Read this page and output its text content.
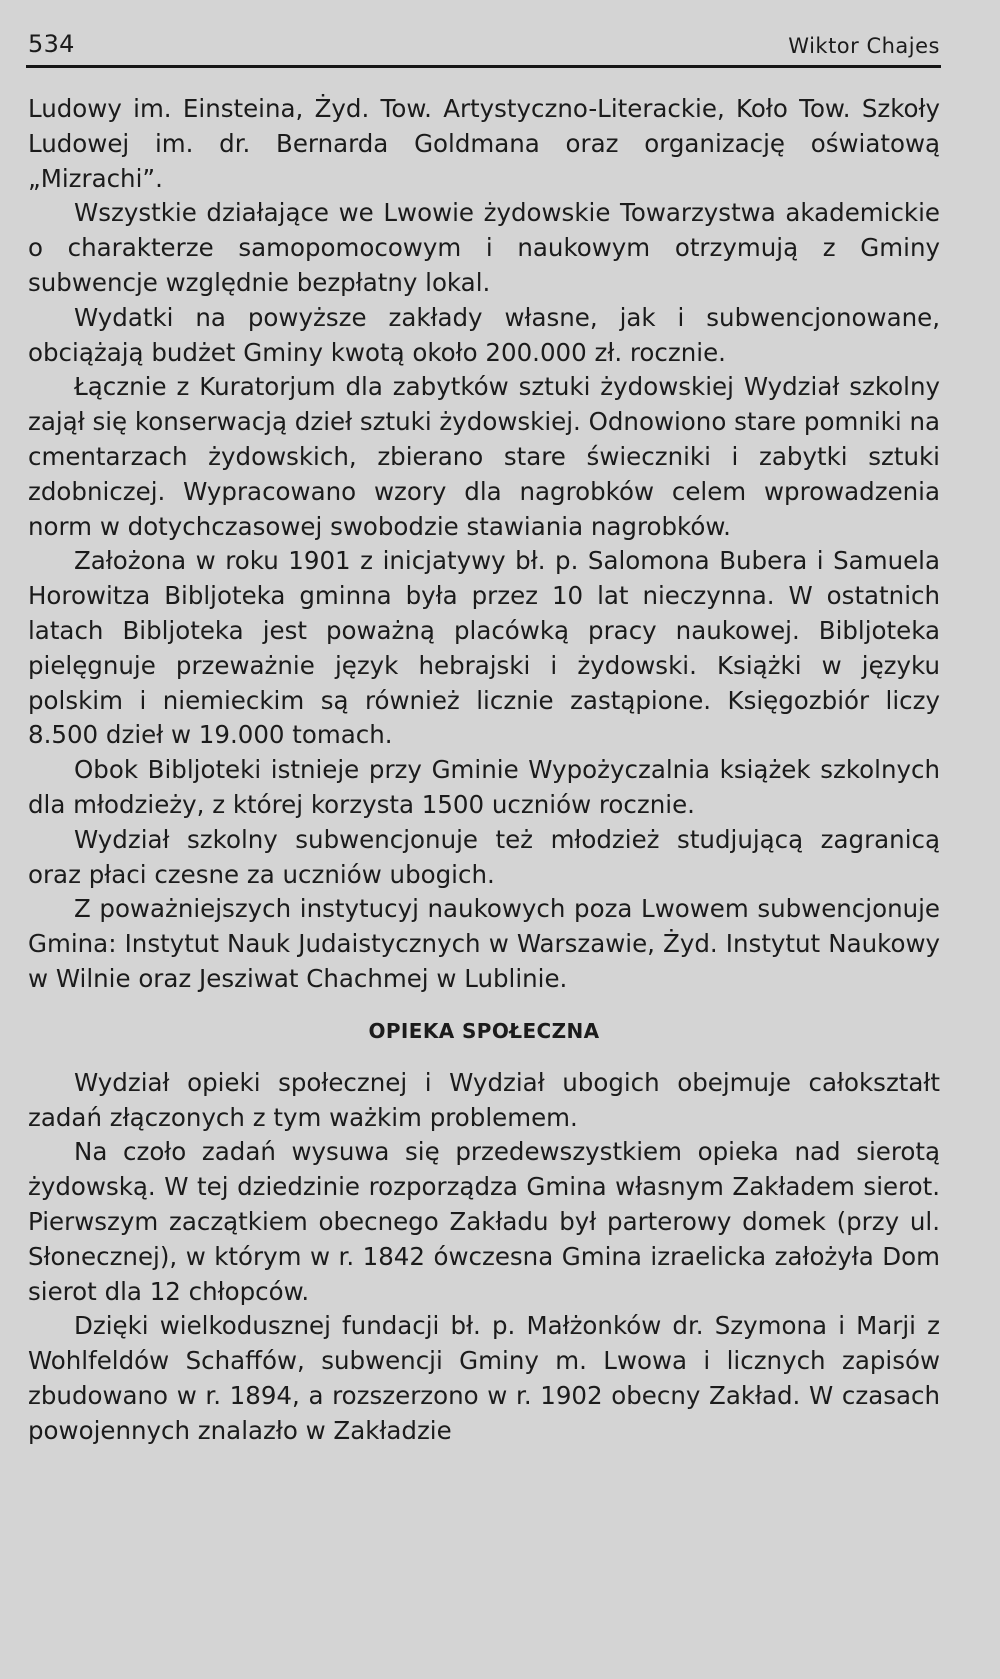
534	Wiktor Chajes

Ludowy im. Einsteina, Żyd. Tow. Artystyczno-Literackie, Koło Tow. Szkoły Ludowej im. dr. Bernarda Goldmana oraz organizację oświatową „Mizrachi”.

Wszystkie działające we Lwowie żydowskie Towarzystwa akademickie o charakterze samopomocowym i naukowym otrzymują z Gminy subwencje względnie bezpłatny lokal.

Wydatki na powyższe zakłady własne, jak i subwencjonowane, obciążają budżet Gminy kwotą około 200.000 zł. rocznie.

Łącznie z Kuratorjum dla zabytków sztuki żydowskiej Wydział szkolny zajął się konserwacją dzieł sztuki żydowskiej. Odnowiono stare pomniki na cmentarzach żydowskich, zbierano stare świeczniki i zabytki sztuki zdobniczej. Wypracowano wzory dla nagrobków celem wprowadzenia norm w dotychczasowej swobodzie stawiania nagrobków.

Założona w roku 1901 z inicjatywy bł. p. Salomona Bubera i Samuela Horowitza Bibljoteka gminna była przez 10 lat nieczynna. W ostatnich latach Bibljoteka jest poważną placówką pracy naukowej. Bibljoteka pielęgnuje przeważnie język hebrajski i żydowski. Książki w języku polskim i niemieckim są również licznie zastąpione. Księgozbiór liczy 8.500 dzieł w 19.000 tomach.

Obok Bibljoteki istnieje przy Gminie Wypożyczalnia książek szkolnych dla młodzieży, z której korzysta 1500 uczniów rocznie.

Wydział szkolny subwencjonuje też młodzież studjującą zagranicą oraz płaci czesne za uczniów ubogich.

Z poważniejszych instytucyj naukowych poza Lwowem subwencjonuje Gmina: Instytut Nauk Judaistycznych w Warszawie, Żyd. Instytut Naukowy w Wilnie oraz Jesziwat Chachmej w Lublinie.

OPIEKA SPOŁECZNA

Wydział opieki społecznej i Wydział ubogich obejmuje całokształt zadań złączonych z tym ważkim problemem.

Na czoło zadań wysuwa się przedewszystkiem opieka nad sierotą żydowską. W tej dziedzinie rozporządza Gmina własnym Zakładem sierot. Pierwszym zaczątkiem obecnego Zakładu był parterowy domek (przy ul. Słonecznej), w którym w r. 1842 ówczesna Gmina izraelicka założyła Dom sierot dla 12 chłopców.

Dzięki wielkodusznej fundacji bł. p. Małżonków dr. Szymona i Marji z Wohlfeldów Schaffów, subwencji Gminy m. Lwowa i licznych zapisów zbudowano w r. 1894, a rozszerzono w r. 1902 obecny Zakład. W czasach powojennych znalazło w Zakładzie
